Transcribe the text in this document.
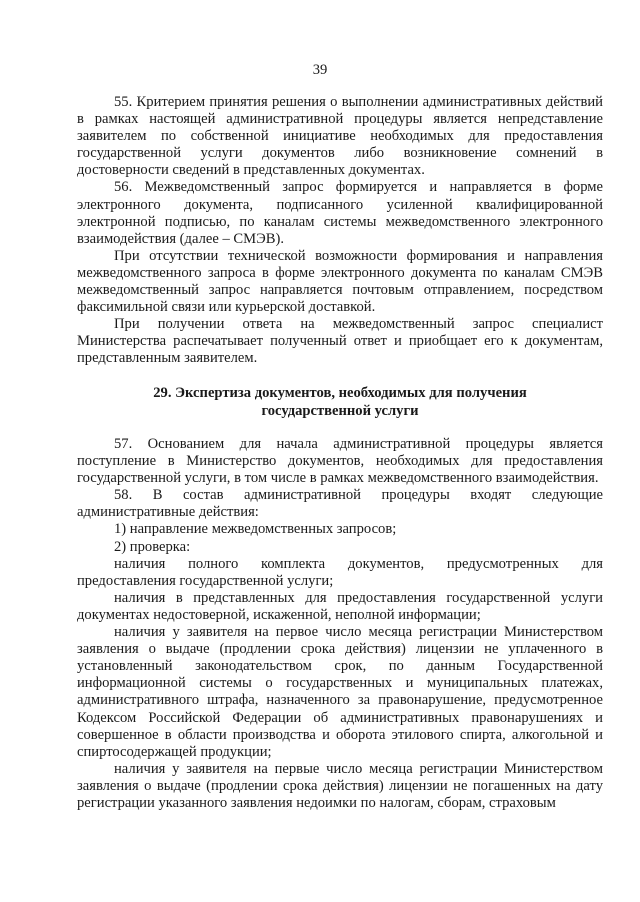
39

55. Критерием принятия решения о выполнении административных действий в рамках настоящей административной процедуры является непредставление заявителем по собственной инициативе необходимых для предоставления государственной услуги документов либо возникновение сомнений в достоверности сведений в представленных документах.

56. Межведомственный запрос формируется и направляется в форме электронного документа, подписанного усиленной квалифицированной электронной подписью, по каналам системы межведомственного электронного взаимодействия (далее – СМЭВ).

При отсутствии технической возможности формирования и направления межведомственного запроса в форме электронного документа по каналам СМЭВ межведомственный запрос направляется почтовым отправлением, посредством факсимильной связи или курьерской доставкой.

При получении ответа на межведомственный запрос специалист Министерства распечатывает полученный ответ и приобщает его к документам, представленным заявителем.

29. Экспертиза документов, необходимых для получения
государственной услуги

57. Основанием для начала административной процедуры является поступление в Министерство документов, необходимых для предоставления государственной услуги, в том числе в рамках межведомственного взаимодействия.

58. В состав административной процедуры входят следующие административные действия:

1) направление межведомственных запросов;

2) проверка:

наличия полного комплекта документов, предусмотренных для предоставления государственной услуги;

наличия в представленных для предоставления государственной услуги документах недостоверной, искаженной, неполной информации;

наличия у заявителя на первое число месяца регистрации Министерством заявления о выдаче (продлении срока действия) лицензии не уплаченного в установленный законодательством срок, по данным Государственной информационной системы о государственных и муниципальных платежах, административного штрафа, назначенного за правонарушение, предусмотренное Кодексом Российской Федерации об административных правонарушениях и совершенное в области производства и оборота этилового спирта, алкогольной и спиртосодержащей продукции;

наличия у заявителя на первые число месяца регистрации Министерством заявления о выдаче (продлении срока действия) лицензии не погашенных на дату регистрации указанного заявления недоимки по налогам, сборам, страховым
